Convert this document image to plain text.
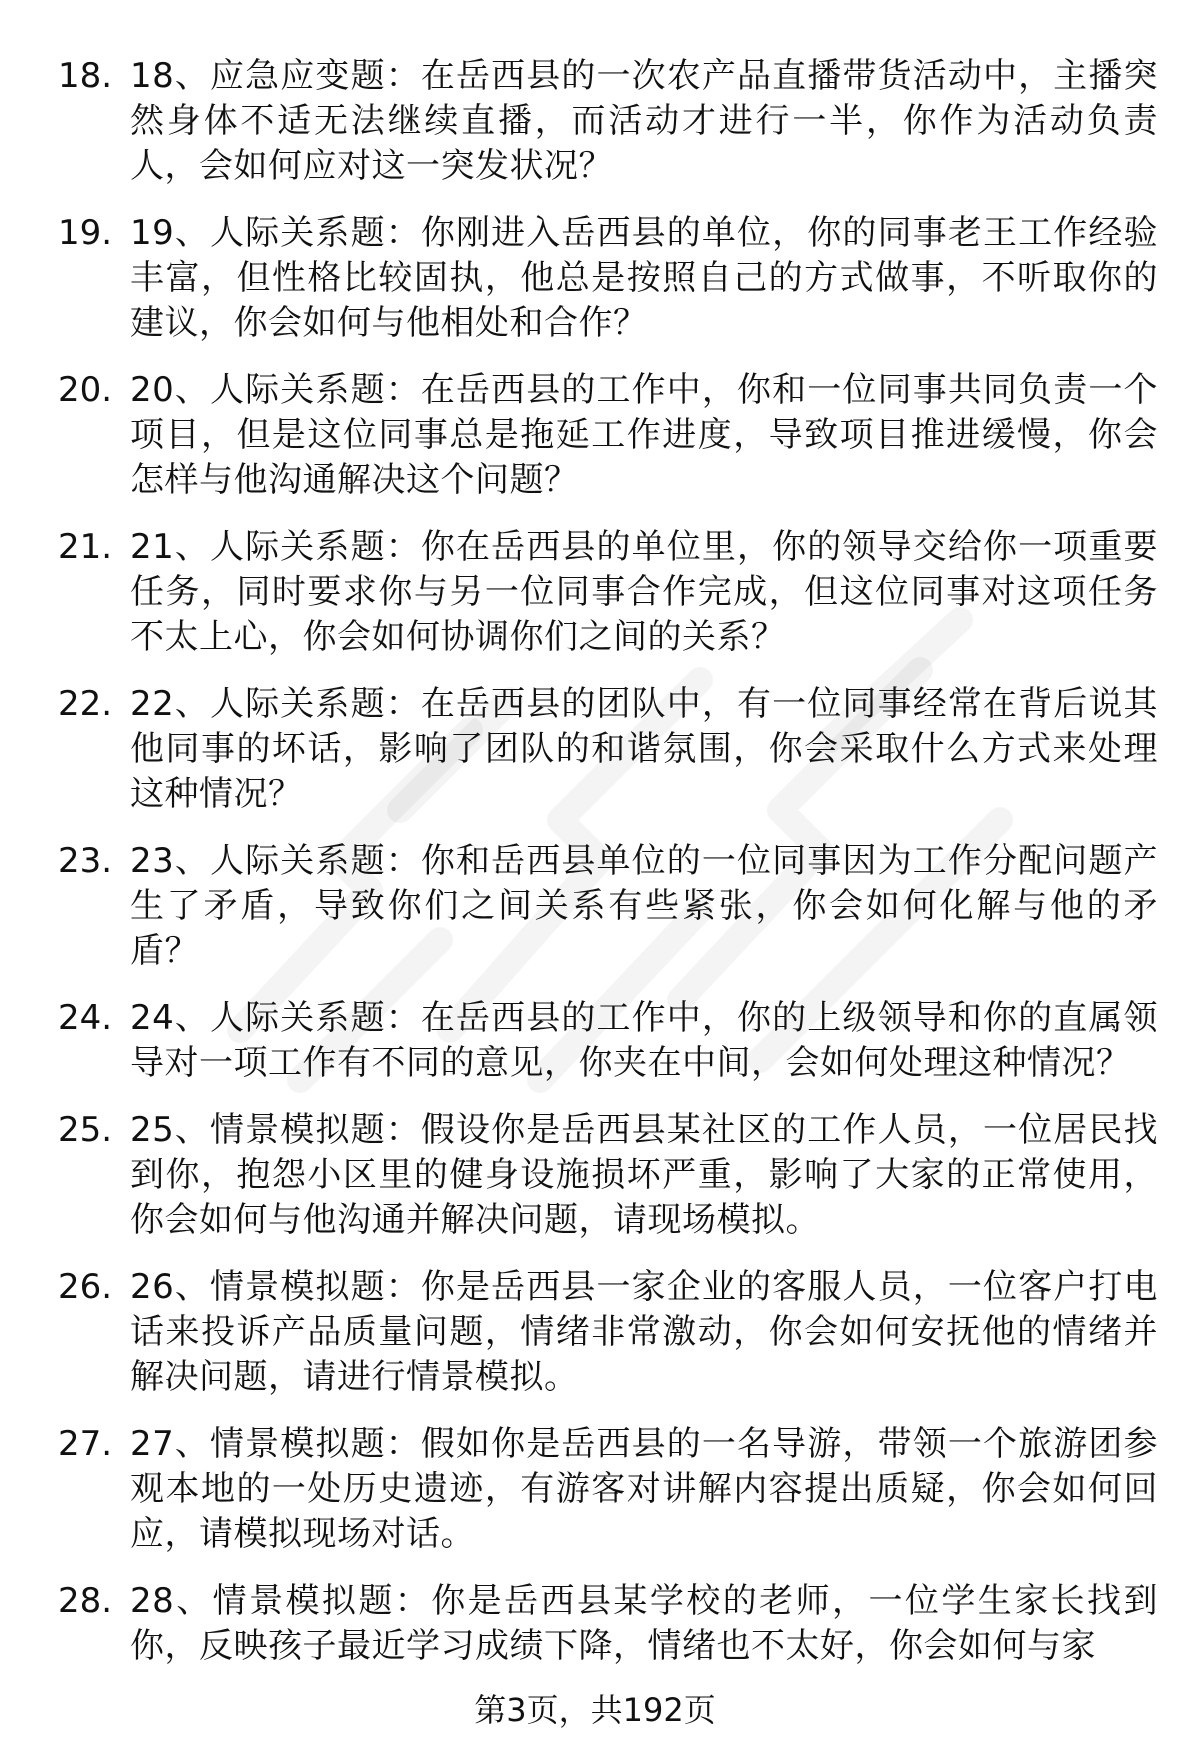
18. 18、应急应变题：在岳西县的一次农产品直播带货活动中，主播突然身体不适无法继续直播，而活动才进行一半，你作为活动负责人，会如何应对这一突发状况？
19. 19、人际关系题：你刚进入岳西县的单位，你的同事老王工作经验丰富，但性格比较固执，他总是按照自己的方式做事，不听取你的建议，你会如何与他相处和合作？
20. 20、人际关系题：在岳西县的工作中，你和一位同事共同负责一个项目，但是这位同事总是拖延工作进度，导致项目推进缓慢，你会怎样与他沟通解决这个问题？
21. 21、人际关系题：你在岳西县的单位里，你的领导交给你一项重要任务，同时要求你与另一位同事合作完成，但这位同事对这项任务不太上心，你会如何协调你们之间的关系？
22. 22、人际关系题：在岳西县的团队中，有一位同事经常在背后说其他同事的坏话，影响了团队的和谐氛围，你会采取什么方式来处理这种情况？
23. 23、人际关系题：你和岳西县单位的一位同事因为工作分配问题产生了矛盾，导致你们之间关系有些紧张，你会如何化解与他的矛盾？
24. 24、人际关系题：在岳西县的工作中，你的上级领导和你的直属领导对一项工作有不同的意见，你夹在中间，会如何处理这种情况？
25. 25、情景模拟题：假设你是岳西县某社区的工作人员，一位居民找到你，抱怨小区里的健身设施损坏严重，影响了大家的正常使用，你会如何与他沟通并解决问题，请现场模拟。
26. 26、情景模拟题：你是岳西县一家企业的客服人员，一位客户打电话来投诉产品质量问题，情绪非常激动，你会如何安抚他的情绪并解决问题，请进行情景模拟。
27. 27、情景模拟题：假如你是岳西县的一名导游，带领一个旅游团参观本地的一处历史遗迹，有游客对讲解内容提出质疑，你会如何回应，请模拟现场对话。
28. 28、情景模拟题：你是岳西县某学校的老师，一位学生家长找到你，反映孩子最近学习成绩下降，情绪也不太好，你会如何与家
第3页，共192页
